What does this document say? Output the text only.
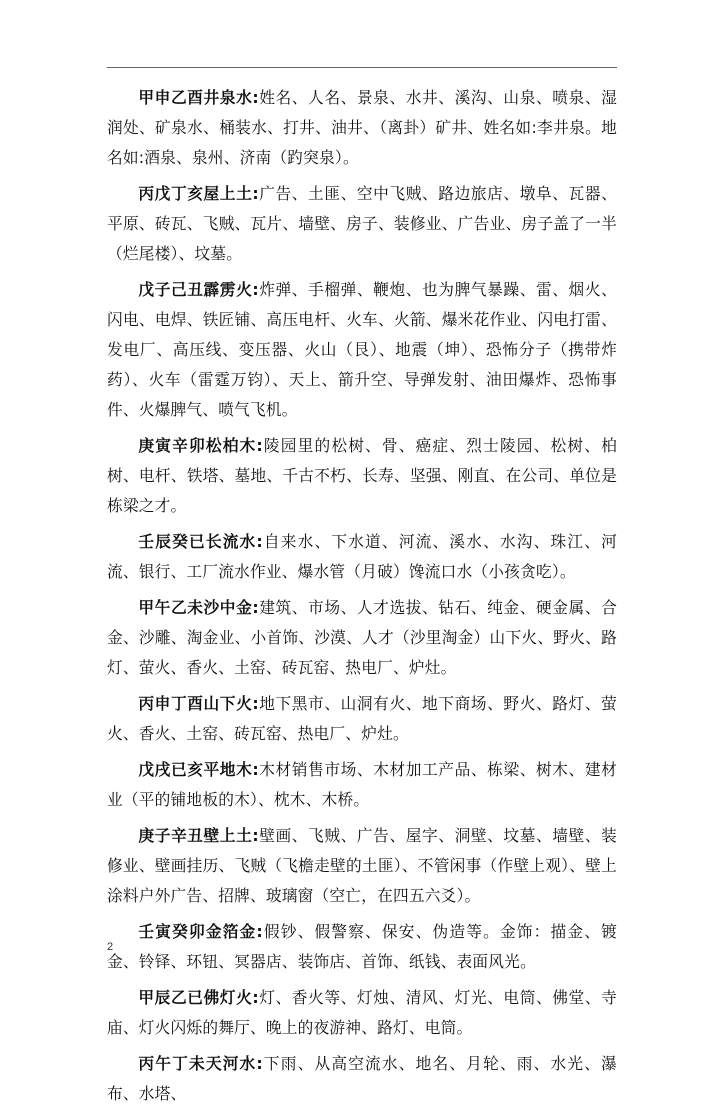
甲申乙酉井泉水:姓名、人名、景泉、水井、溪沟、山泉、喷泉、湿润处、矿泉水、桶装水、打井、油井、（离卦）矿井、姓名如:李井泉。地名如:酒泉、泉州、济南（趵突泉）。

丙戊丁亥屋上土:广告、土匪、空中飞贼、路边旅店、墩阜、瓦器、平原、砖瓦、飞贼、瓦片、墙壁、房子、装修业、广告业、房子盖了一半（烂尾楼）、坟墓。

戊子己丑霹雳火:炸弹、手榴弹、鞭炮、也为脾气暴躁、雷、烟火、闪电、电焊、铁匠铺、高压电杆、火车、火箭、爆米花作业、闪电打雷、发电厂、高压线、变压器、火山（艮）、地震（坤）、恐怖分子（携带炸药）、火车（雷霆万钧）、天上、箭升空、导弹发射、油田爆炸、恐怖事件、火爆脾气、喷气飞机。

庚寅辛卯松柏木:陵园里的松树、骨、癌症、烈士陵园、松树、柏树、电杆、铁塔、墓地、千古不朽、长寿、坚强、刚直、在公司、单位是栋梁之才。

壬辰癸已长流水:自来水、下水道、河流、溪水、水沟、珠江、河流、银行、工厂流水作业、爆水管（月破）馋流口水（小孩贪吃）。

甲午乙未沙中金:建筑、市场、人才选拔、钻石、纯金、硬金属、合金、沙雕、淘金业、小首饰、沙漠、人才（沙里淘金）山下火、野火、路灯、萤火、香火、土窑、砖瓦窑、热电厂、炉灶。

丙申丁酉山下火:地下黑市、山洞有火、地下商场、野火、路灯、萤火、香火、土窑、砖瓦窑、热电厂、炉灶。

戊戌已亥平地木:木材销售市场、木材加工产品、栋梁、树木、建材业（平的铺地板的木）、枕木、木桥。

庚子辛丑壁上土:壁画、飞贼、广告、屋字、洞壁、坟墓、墙壁、装修业、壁画挂历、飞贼（飞檐走壁的土匪）、不管闲事（作壁上观）、壁上涂料户外广告、招牌、玻璃窗（空亡，在四五六爻）。

壬寅癸卯金箔金:假钞、假警察、保安、伪造等。金饰：描金、镀金、铃铎、环钮、冥器店、装饰店、首饰、纸钱、表面风光。

甲辰乙已佛灯火:灯、香火等、灯烛、清风、灯光、电筒、佛堂、寺庙、灯火闪烁的舞厅、晚上的夜游神、路灯、电筒。

丙午丁未天河水:下雨、从高空流水、地名、月轮、雨、水光、瀑布、水塔、

2
